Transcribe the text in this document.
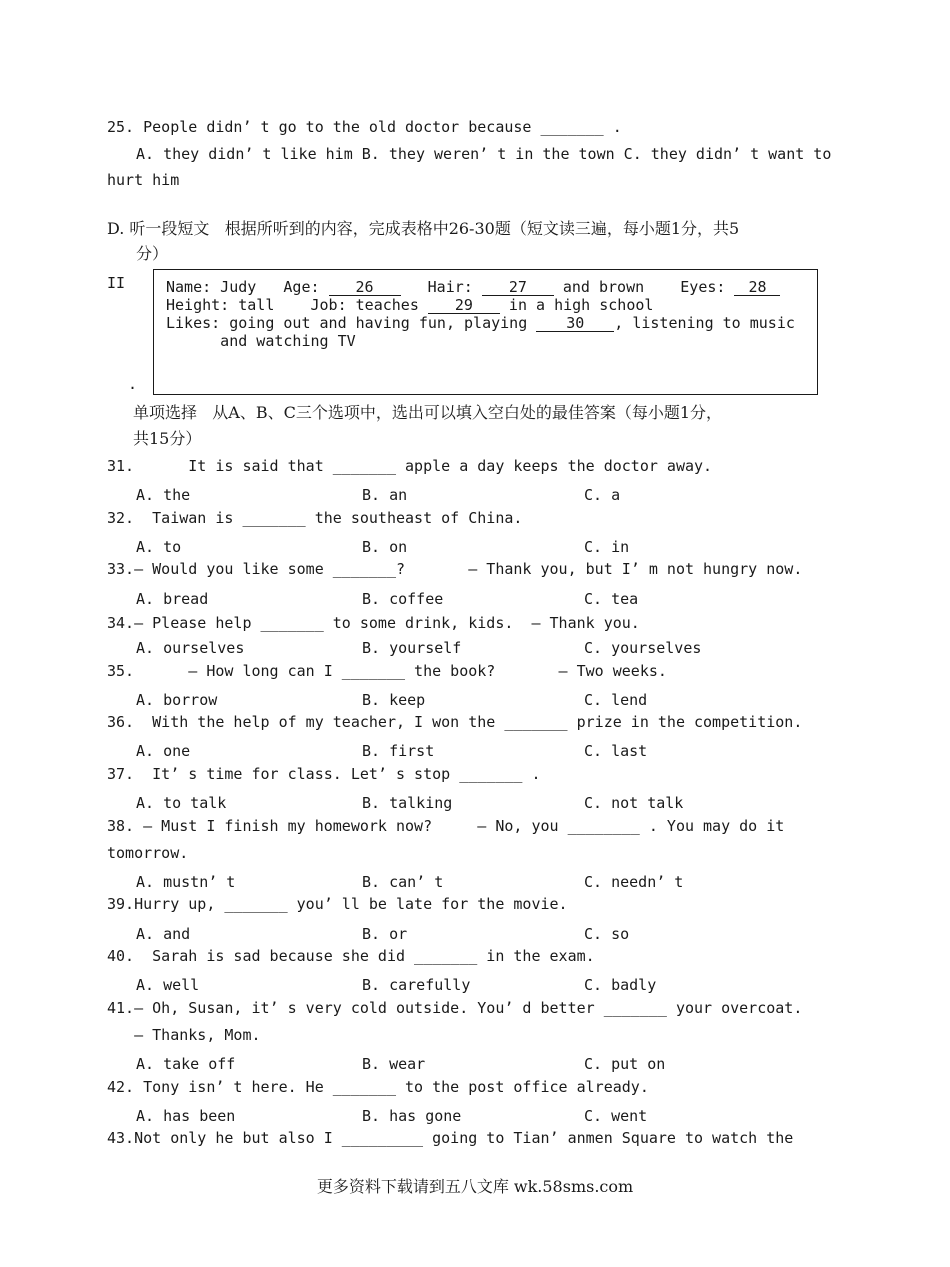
25. People didn’ t go to the old doctor because _______ .
A. they didn’ t like him B. they weren’ t in the town C. they didn’ t want to
hurt him
D. 听一段短文   根据所听到的内容，完成表格中26-30题（短文读三遍，每小题1分，共5
分）
II
.
Name: Judy   Age: 26   Hair: 27 and brown    Eyes: 28
Height: tall    Job: teaches 29 in a high school
Likes: going out and having fun, playing 30 , listening to music
and watching TV
单项选择   从A、B、C三个选项中，选出可以填入空白处的最佳答案（每小题1分，
共15分）
31.      It is said that _______ apple a day keeps the doctor away.
A. the	B. an	C. a
32.  Taiwan is _______ the southeast of China.
A. to	B. on	C. in
33.— Would you like some _______?       — Thank you, but I’ m not hungry now.
A. bread	B. coffee	C. tea
34.— Please help _______ to some drink, kids.  — Thank you.
A. ourselves	B. yourself	C. yourselves
35.      — How long can I _______ the book?       — Two weeks.
A. borrow	B. keep	C. lend
36.  With the help of my teacher, I won the _______ prize in the competition.
A. one	B. first	C. last
37.  It’ s time for class. Let’ s stop _______ .
A. to talk	B. talking	C. not talk
38. — Must I finish my homework now?     — No, you ________ . You may do it
tomorrow.
A. mustn’ t	B. can’ t	C. needn’ t
39.Hurry up, _______ you’ ll be late for the movie.
A. and	B. or	C. so
40.  Sarah is sad because she did _______ in the exam.
A. well	B. carefully	C. badly
41.— Oh, Susan, it’ s very cold outside. You’ d better _______ your overcoat.
— Thanks, Mom.
A. take off	B. wear	C. put on
42. Tony isn’ t here. He _______ to the post office already.
A. has been	B. has gone	C. went
43.Not only he but also I _________ going to Tian’ anmen Square to watch the
更多资料下载请到五八文库 wk.58sms.com
